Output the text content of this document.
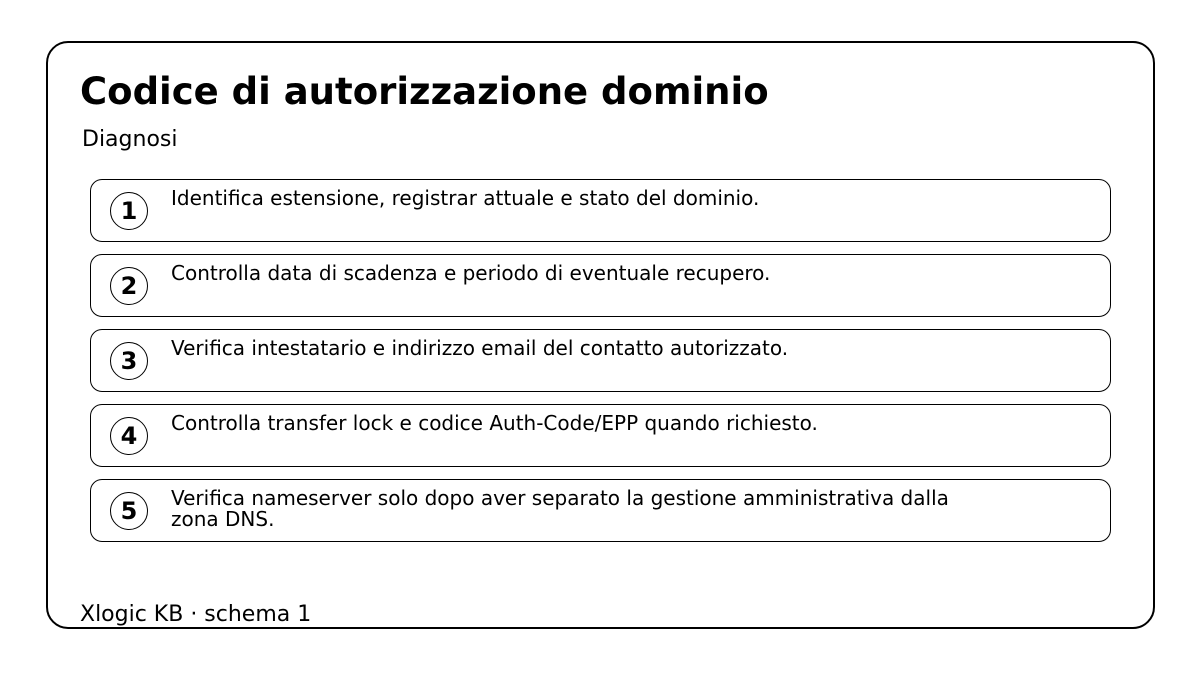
Codice di autorizzazione dominio
Diagnosi
1	Identifica estensione, registrar attuale e stato del dominio.
2	Controlla data di scadenza e periodo di eventuale recupero.
3	Verifica intestatario e indirizzo email del contatto autorizzato.
4	Controlla transfer lock e codice Auth-Code/EPP quando richiesto.
5	Verifica nameserver solo dopo aver separato la gestione amministrativa dalla zona DNS.
Xlogic KB · schema 1
